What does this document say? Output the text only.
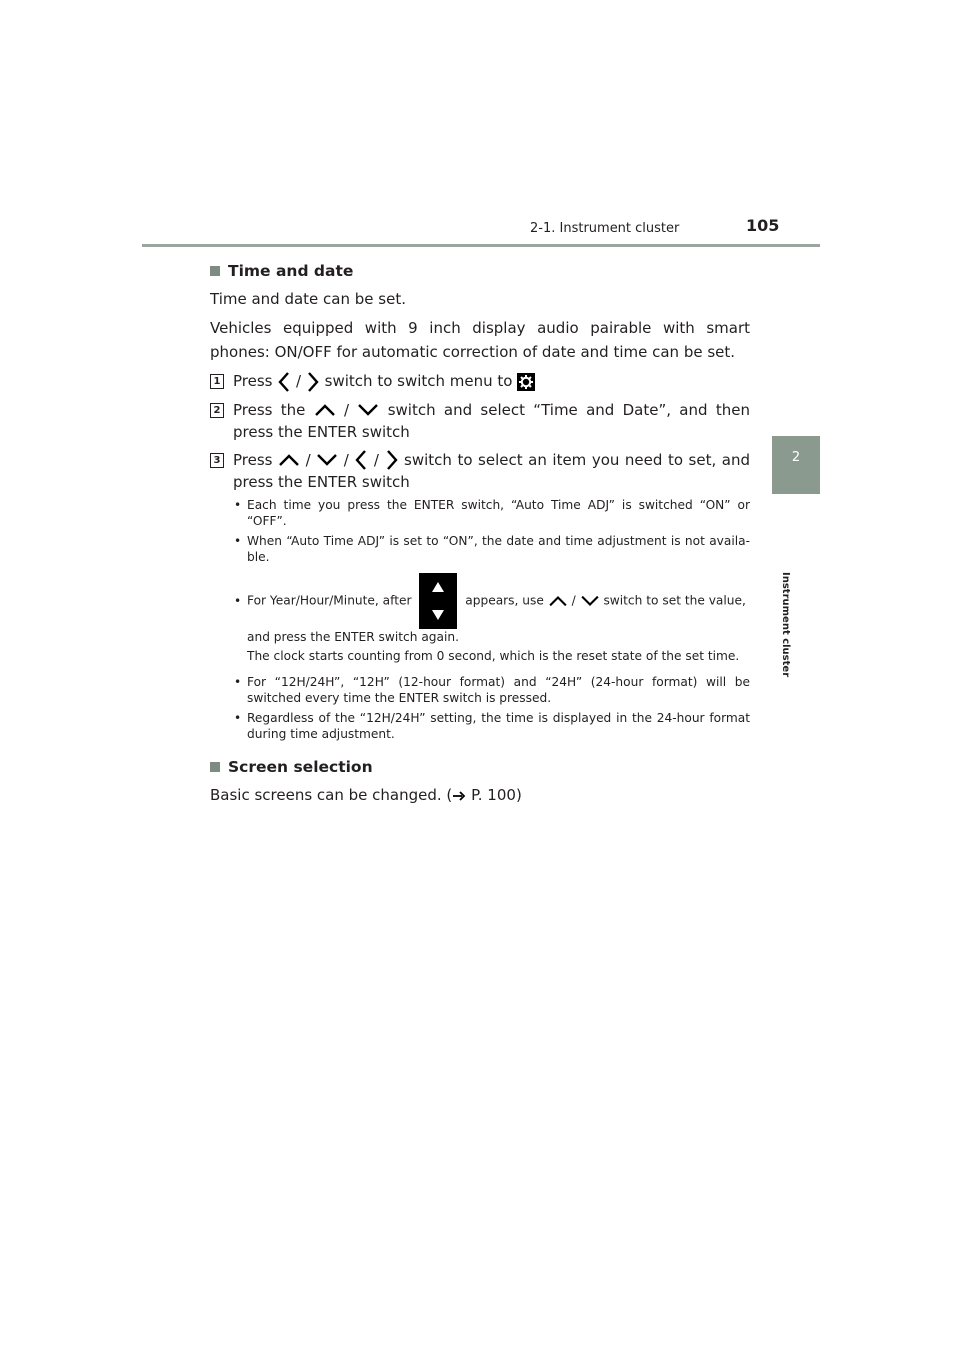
2-1. Instrument cluster	105
2
Instrument cluster
Time and date
Time and date can be set.
Vehicles equipped with 9 inch display audio pairable with smart phones: ON/OFF for automatic correction of date and time can be set.
1 Press / switch to switch menu to
2 Press the	/	switch and select “Time and Date”, and then press the ENTER switch
3 Press / / / switch to select an item you need to set, and press the ENTER switch
• Each time you press the ENTER switch, “Auto Time ADJ” is switched “ON” or “OFF”.
• When “Auto Time ADJ” is set to “ON”, the date and time adjustment is not availa-ble.
• For Year/Hour/Minute, after	appears, use / switch to set the value,
and press the ENTER switch again.
The clock starts counting from 0 second, which is the reset state of the set time.
• For “12H/24H”, “12H” (12-hour format) and “24H” (24-hour format) will be switched every time the ENTER switch is pressed.
• Regardless of the “12H/24H” setting, the time is displayed in the 24-hour format during time adjustment.
Screen selection
Basic screens can be changed. ( P. 100)
